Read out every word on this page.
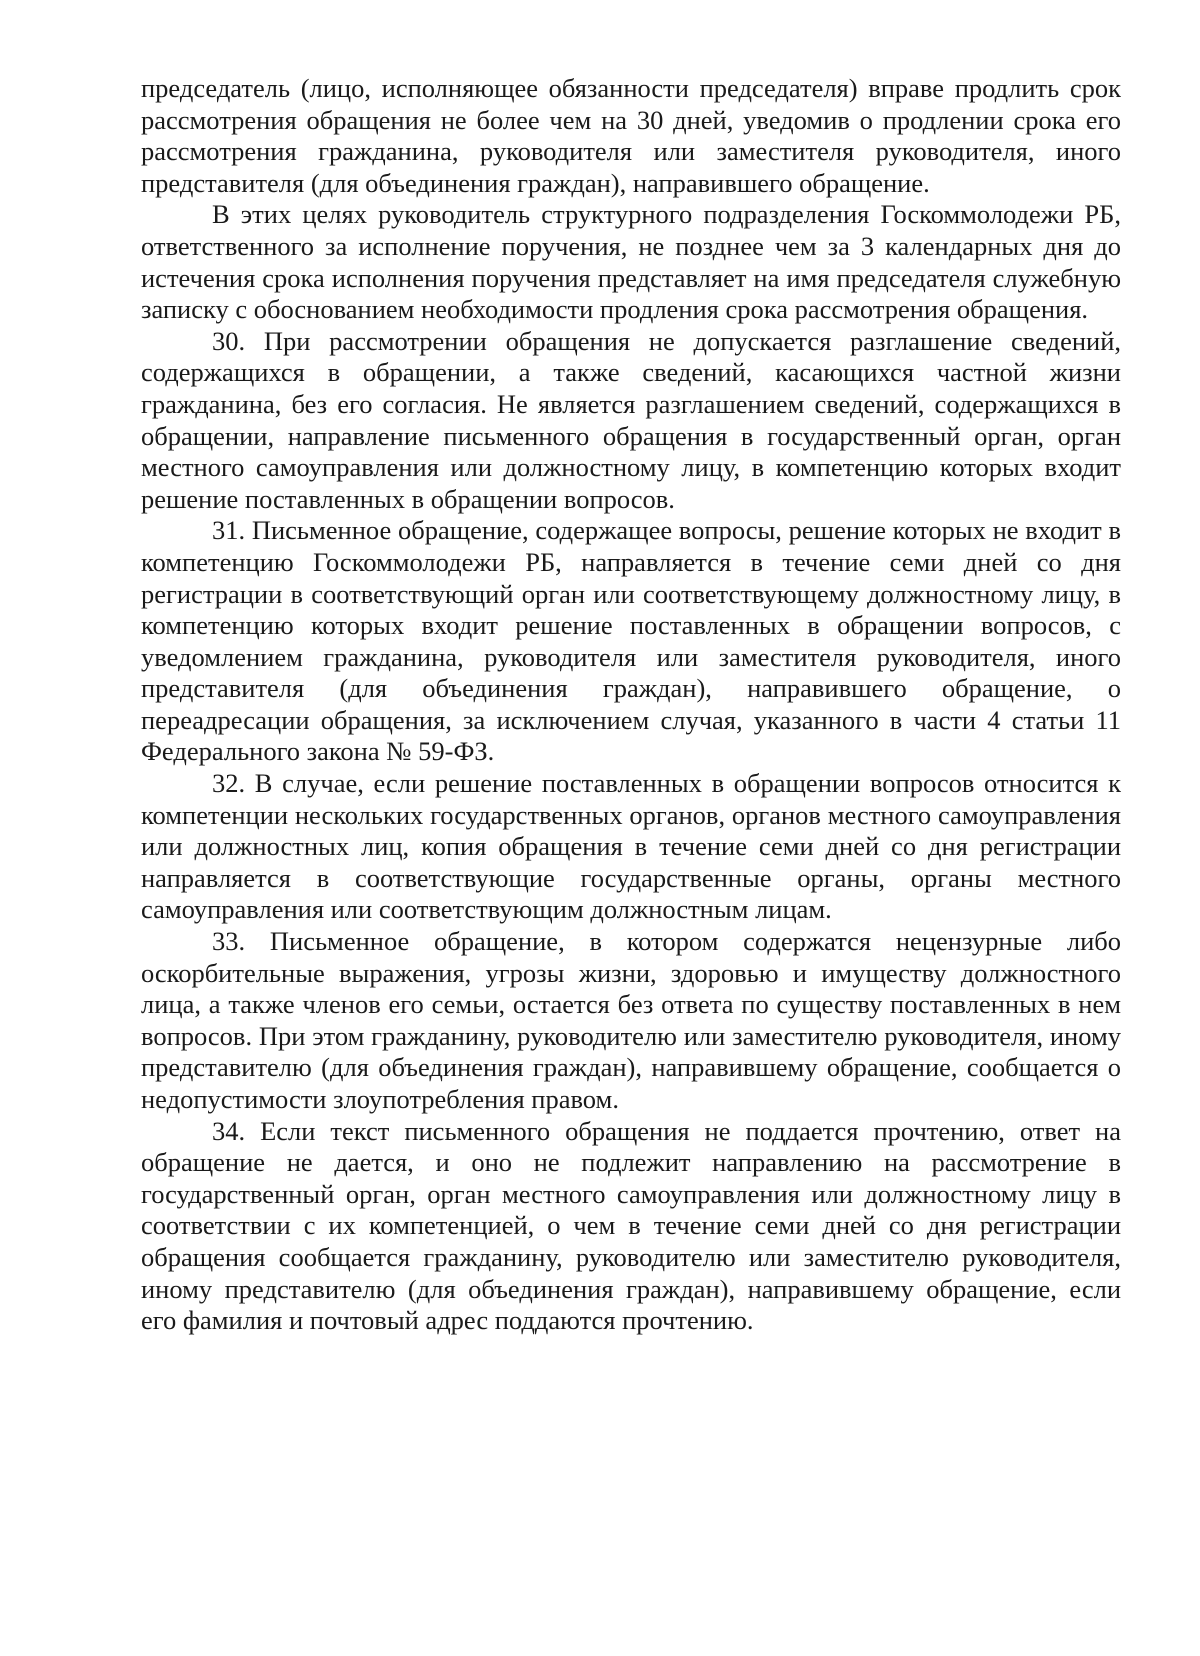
председатель (лицо, исполняющее обязанности председателя) вправе продлить срок рассмотрения обращения не более чем на 30 дней, уведомив о продлении срока его рассмотрения гражданина, руководителя или заместителя руководителя, иного представителя (для объединения граждан), направившего обращение.

В этих целях руководитель структурного подразделения Госкоммолодежи РБ, ответственного за исполнение поручения, не позднее чем за 3 календарных дня до истечения срока исполнения поручения представляет на имя председателя служебную записку с обоснованием необходимости продления срока рассмотрения обращения.

30. При рассмотрении обращения не допускается разглашение сведений, содержащихся в обращении, а также сведений, касающихся частной жизни гражданина, без его согласия. Не является разглашением сведений, содержащихся в обращении, направление письменного обращения в государственный орган, орган местного самоуправления или должностному лицу, в компетенцию которых входит решение поставленных в обращении вопросов.

31. Письменное обращение, содержащее вопросы, решение которых не входит в компетенцию Госкоммолодежи РБ, направляется в течение семи дней со дня регистрации в соответствующий орган или соответствующему должностному лицу, в компетенцию которых входит решение поставленных в обращении вопросов, с уведомлением гражданина, руководителя или заместителя руководителя, иного представителя (для объединения граждан), направившего обращение, о переадресации обращения, за исключением случая, указанного в части 4 статьи 11 Федерального закона № 59-ФЗ.

32. В случае, если решение поставленных в обращении вопросов относится к компетенции нескольких государственных органов, органов местного самоуправления или должностных лиц, копия обращения в течение семи дней со дня регистрации направляется в соответствующие государственные органы, органы местного самоуправления или соответствующим должностным лицам.

33. Письменное обращение, в котором содержатся нецензурные либо оскорбительные выражения, угрозы жизни, здоровью и имуществу должностного лица, а также членов его семьи, остается без ответа по существу поставленных в нем вопросов. При этом гражданину, руководителю или заместителю руководителя, иному представителю (для объединения граждан), направившему обращение, сообщается о недопустимости злоупотребления правом.

34. Если текст письменного обращения не поддается прочтению, ответ на обращение не дается, и оно не подлежит направлению на рассмотрение в государственный орган, орган местного самоуправления или должностному лицу в соответствии с их компетенцией, о чем в течение семи дней со дня регистрации обращения сообщается гражданину, руководителю или заместителю руководителя, иному представителю (для объединения граждан), направившему обращение, если его фамилия и почтовый адрес поддаются прочтению.
